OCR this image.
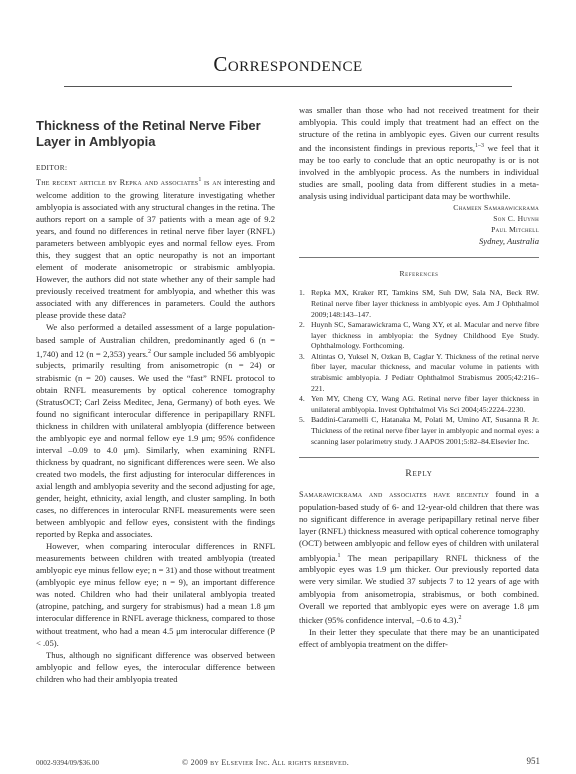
Correspondence
Thickness of the Retinal Nerve Fiber Layer in Amblyopia

EDITOR:

The recent article by Repka and associates$^1$ is an interesting and welcome addition to the growing literature investigating whether amblyopia is associated with any structural changes in the retina. The authors report on a sample of 37 patients with a mean age of 9.2 years, and found no differences in retinal nerve fiber layer (RNFL) parameters between amblyopic eyes and normal fellow eyes. From this, they suggest that an optic neuropathy is not an important element of moderate anisometropic or strabismic amblyopia. However, the authors did not state whether any of their sample had previously received treatment for amblyopia, and whether this was associated with any differences in parameters. Could the authors please provide these data?

We also performed a detailed assessment of a large population-based sample of Australian children, predominantly aged 6 (n = 1,740) and 12 (n = 2,353) years.$^2$ Our sample included 56 amblyopic subjects, primarily resulting from anisometropic (n = 24) or strabismic (n = 20) causes. We used the “fast” RNFL protocol to obtain RNFL measurements by optical coherence tomography (StratusOCT; Carl Zeiss Meditec, Jena, Germany) of both eyes. We found no significant interocular difference in peripapillary RNFL thickness in children with unilateral amblyopia (difference between the amblyopic eye and normal fellow eye 1.9 μm; 95% confidence interval –0.09 to 4.0 μm). Similarly, when examining RNFL thickness by quadrant, no significant differences were seen. We also created two models, the first adjusting for interocular differences in axial length and amblyopia severity and the second adjusting for age, gender, height, ethnicity, axial length, and cluster sampling. In both cases, no differences in interocular RNFL measurements were seen between amblyopic and fellow eyes, consistent with the findings reported by Repka and associates.

However, when comparing interocular differences in RNFL measurements between children with treated amblyopia (treated amblyopic eye minus fellow eye; n = 31) and those without treatment (amblyopic eye minus fellow eye; n = 9), an important difference was noted. Children who had their unilateral amblyopia treated (atropine, patching, and surgery for strabismus) had a mean 1.8 μm interocular difference in RNFL average thickness, compared to those without treatment, who had a mean 4.5 μm interocular difference (P < .05).

Thus, although no significant difference was observed between amblyopic and fellow eyes, the interocular difference between children who had their amblyopia treated

was smaller than those who had not received treatment for their amblyopia. This could imply that treatment had an effect on the structure of the retina in amblyopic eyes. Given our current results and the inconsistent findings in previous reports,$^{1-3}$ we feel that it may be too early to conclude that an optic neuropathy is or is not involved in the amblyopic process. As the numbers in individual studies are small, pooling data from different studies in a meta-analysis using individual participant data may be worthwhile.

Chameen Samarawickrama

Son C. Huynh

Paul Mitchell

Sydney, Australia

References

1. Repka MX, Kraker RT, Tamkins SM, Suh DW, Sala NA, Beck RW. Retinal nerve fiber layer thickness in amblyopic eyes. Am J Ophthalmol 2009;148:143–147.
2. Huynh SC, Samarawickrama C, Wang XY, et al. Macular and nerve fibre layer thickness in amblyopia: the Sydney Childhood Eye Study. Ophthalmology. Forthcoming.
3. Altintas O, Yuksel N, Ozkan B, Caglar Y. Thickness of the retinal nerve fiber layer, macular thickness, and macular volume in patients with strabismic amblyopia. J Pediatr Ophthalmol Strabismus 2005;42:216–221.
4. Yen MY, Cheng CY, Wang AG. Retinal nerve fiber layer thickness in unilateral amblyopia. Invest Ophthalmol Vis Sci 2004;45:2224–2230.
5. Baddini-Caramelli C, Hatanaka M, Polati M, Umino AT, Susanna R Jr. Thickness of the retinal nerve fiber layer in amblyopic and normal eyes: a scanning laser polarimetry study. J AAPOS 2001;5:82–84.Elsevier Inc.

Reply

Samarawickrama and associates have recently found in a population-based study of 6- and 12-year-old children that there was no significant difference in average peripapillary retinal nerve fiber layer (RNFL) thickness measured with optical coherence tomography (OCT) between amblyopic and fellow eyes of children with unilateral amblyopia.$^1$ The mean peripapillary RNFL thickness of the amblyopic eyes was 1.9 μm thicker. Our previously reported data were very similar. We studied 37 subjects 7 to 12 years of age with amblyopia from anisometropia, strabismus, or both combined. Overall we reported that amblyopic eyes were on average 1.8 μm thicker (95% confidence interval, −0.6 to 4.3).$^2$

In their letter they speculate that there may be an unanticipated effect of amblyopia treatment on the differ-

0002-9394/09/$36.00	© 2009 by Elsevier Inc. All rights reserved.	951
